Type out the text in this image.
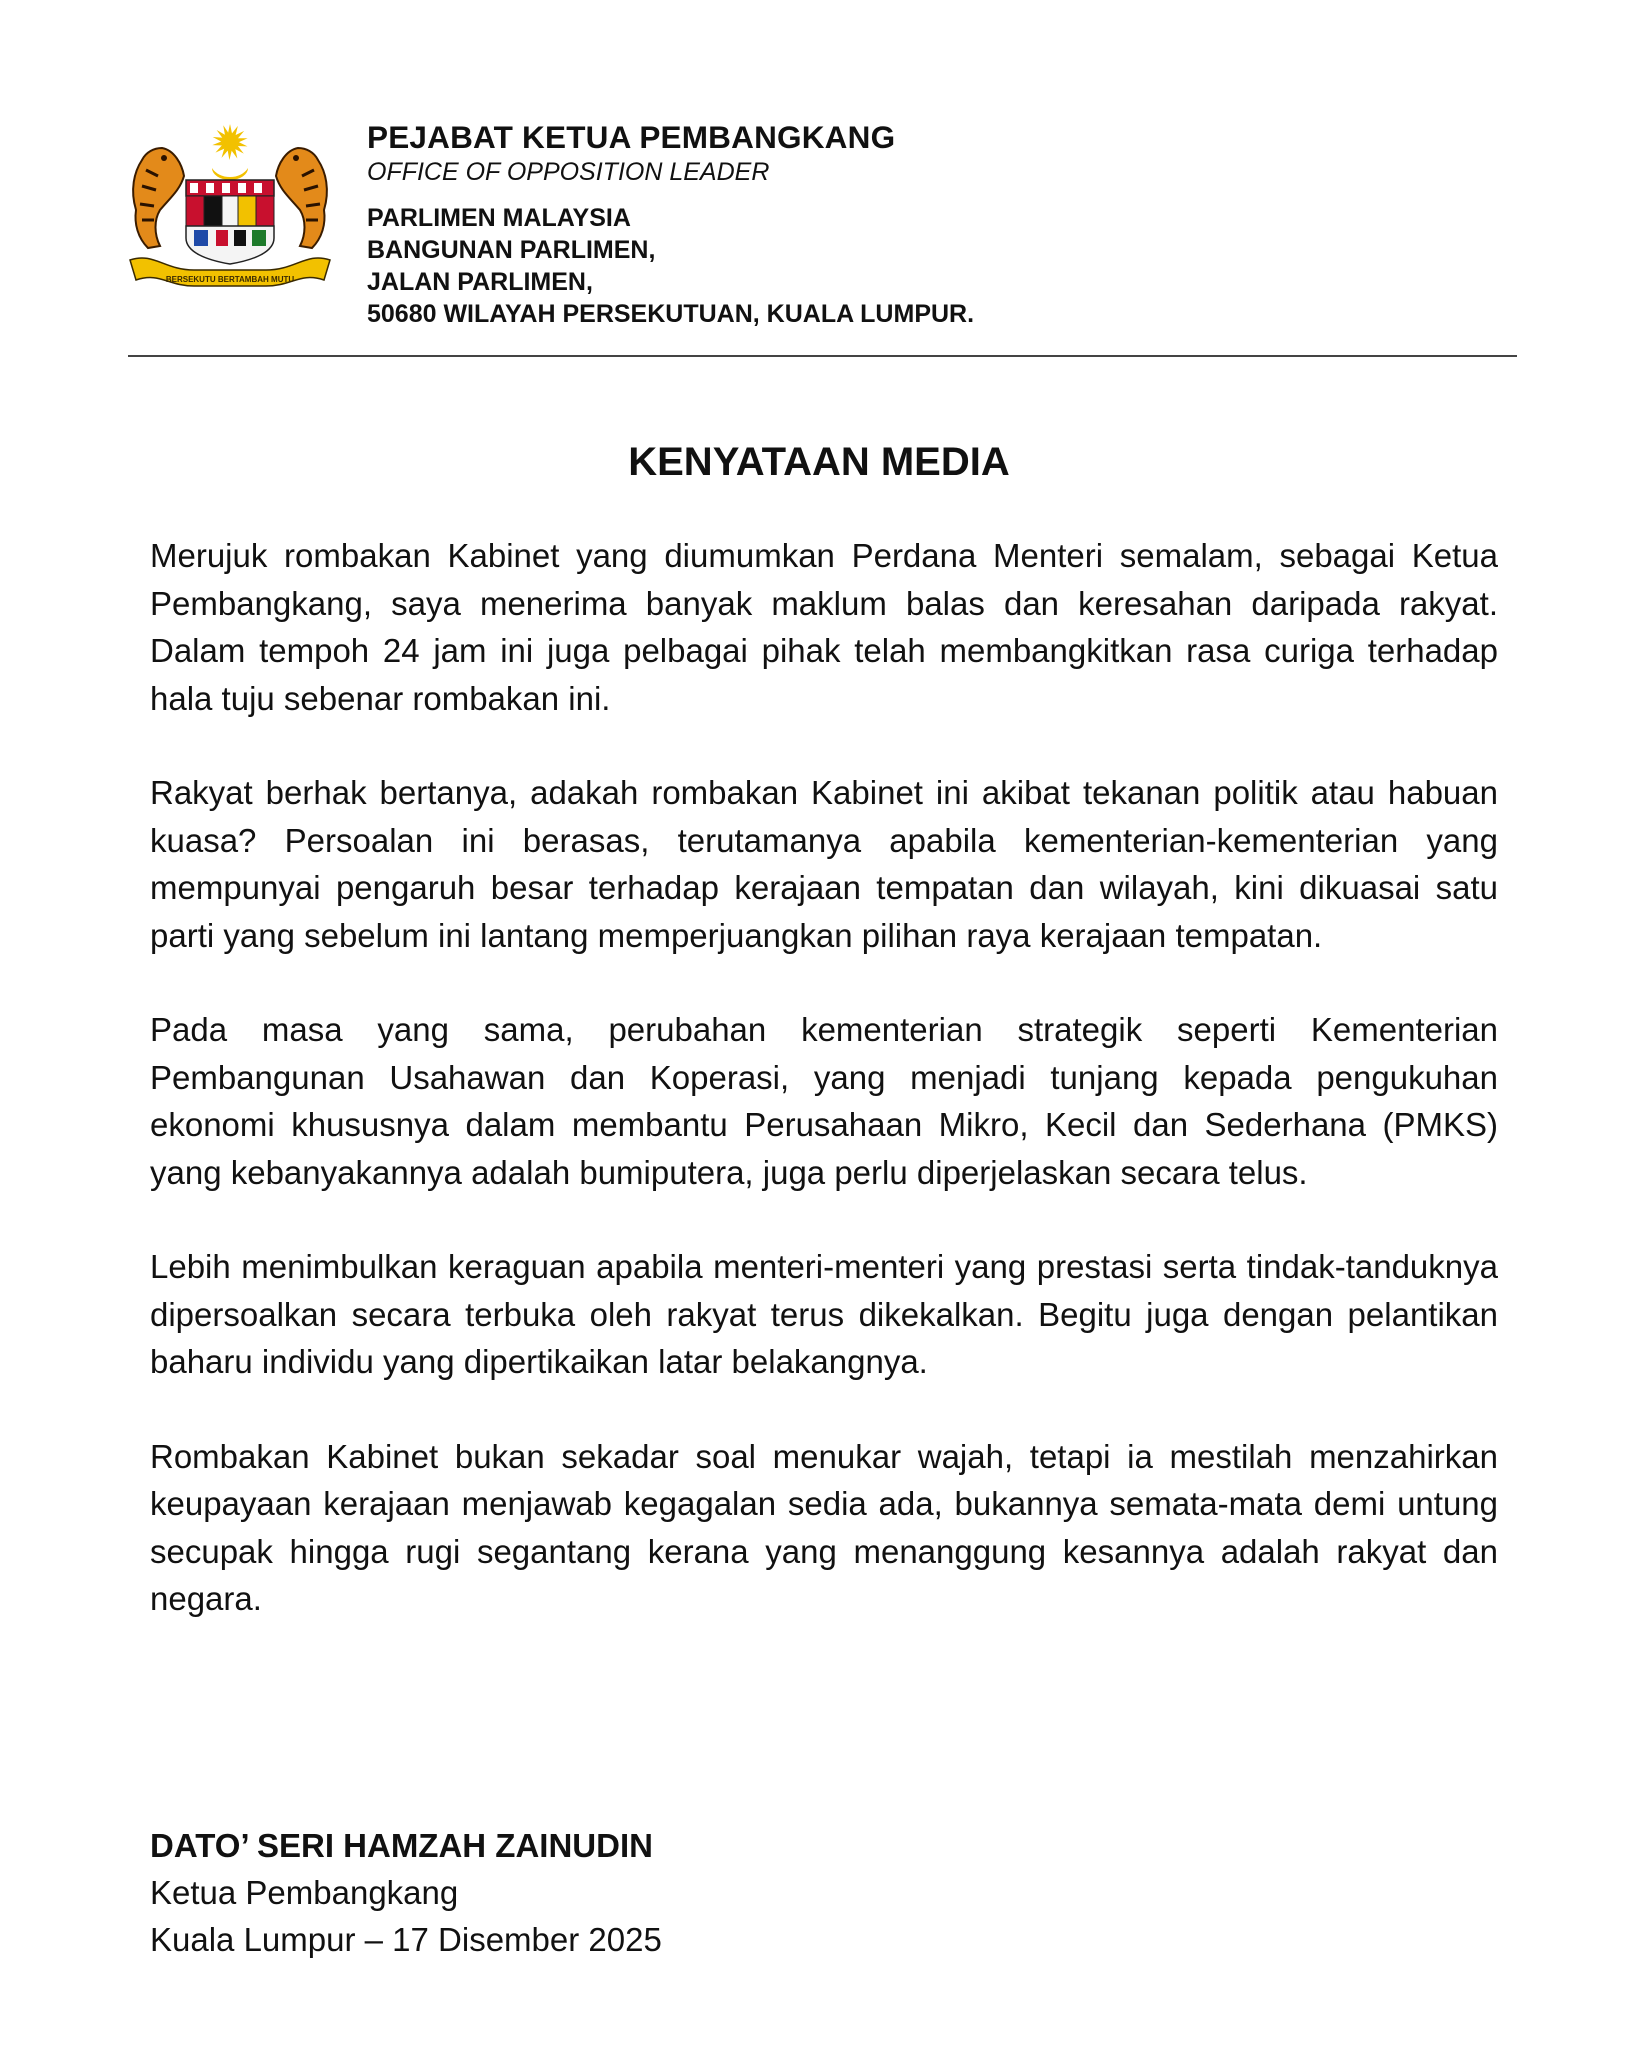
BERSEKUTU BERTAMBAH MUTU
PEJABAT KETUA PEMBANGKANG
OFFICE OF OPPOSITION LEADER
PARLIMEN MALAYSIA
BANGUNAN PARLIMEN,
JALAN PARLIMEN,
50680 WILAYAH PERSEKUTUAN, KUALA LUMPUR.
KENYATAAN MEDIA

Merujuk rombakan Kabinet yang diumumkan Perdana Menteri semalam, sebagai Ketua Pembangkang, saya menerima banyak maklum balas dan keresahan daripada rakyat. Dalam tempoh 24 jam ini juga pelbagai pihak telah membangkitkan rasa curiga terhadap hala tuju sebenar rombakan ini.

Rakyat berhak bertanya, adakah rombakan Kabinet ini akibat tekanan politik atau habuan kuasa? Persoalan ini berasas, terutamanya apabila kementerian-kementerian yang mempunyai pengaruh besar terhadap kerajaan tempatan dan wilayah, kini dikuasai satu parti yang sebelum ini lantang memperjuangkan pilihan raya kerajaan tempatan.

Pada masa yang sama, perubahan kementerian strategik seperti Kementerian Pembangunan Usahawan dan Koperasi, yang menjadi tunjang kepada pengukuhan ekonomi khususnya dalam membantu Perusahaan Mikro, Kecil dan Sederhana (PMKS) yang kebanyakannya adalah bumiputera, juga perlu diperjelaskan secara telus.

Lebih menimbulkan keraguan apabila menteri-menteri yang prestasi serta tindak-tanduknya dipersoalkan secara terbuka oleh rakyat terus dikekalkan. Begitu juga dengan pelantikan baharu individu yang dipertikaikan latar belakangnya.

Rombakan Kabinet bukan sekadar soal menukar wajah, tetapi ia mestilah menzahirkan keupayaan kerajaan menjawab kegagalan sedia ada, bukannya semata-mata demi untung secupak hingga rugi segantang kerana yang menanggung kesannya adalah rakyat dan negara.

DATO’ SERI HAMZAH ZAINUDIN
Ketua Pembangkang
Kuala Lumpur – 17 Disember 2025
